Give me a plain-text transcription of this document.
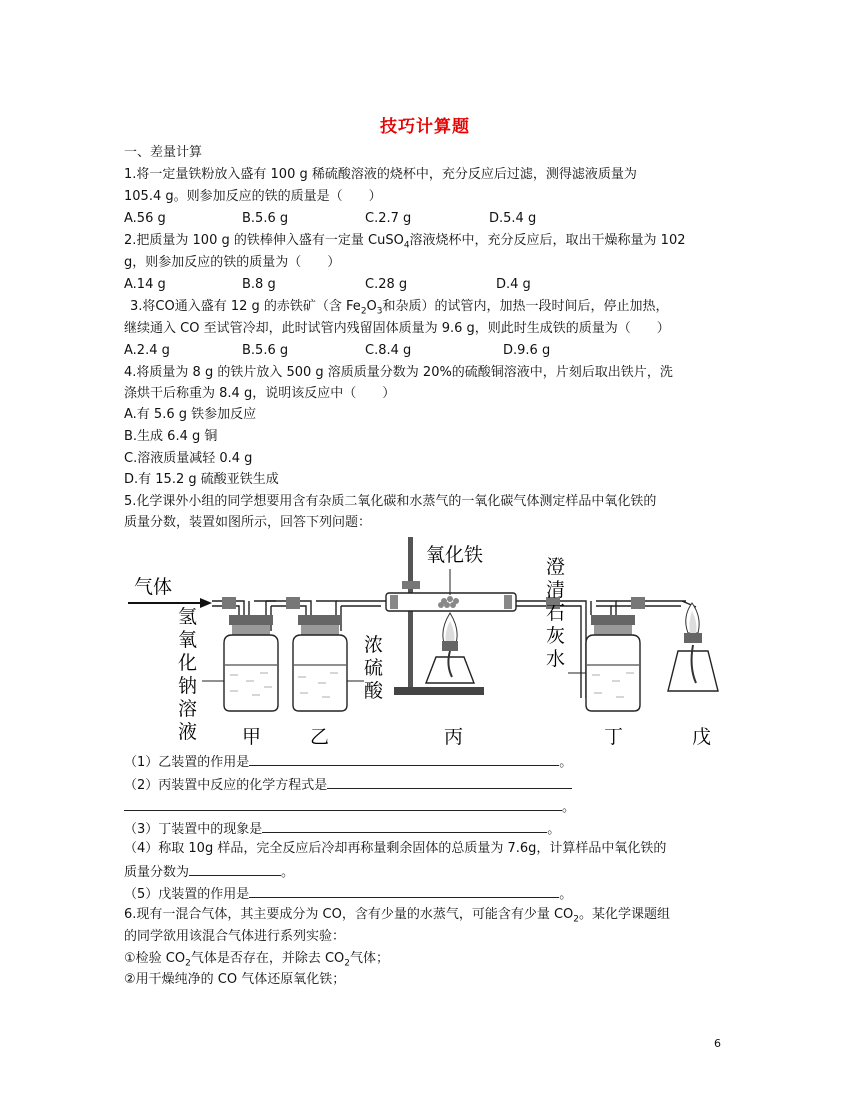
技巧计算题
一、差量计算
1.将一定量铁粉放入盛有 100 g 稀硫酸溶液的烧杯中，充分反应后过滤，测得滤液质量为
105.4 g。则参加反应的铁的质量是（　　）
A.56 g	B.5.6 g	C.2.7 g	D.5.4 g
2.把质量为 100 g 的铁棒伸入盛有一定量 CuSO$_4$溶液烧杯中，充分反应后，取出干燥称量为 102
g，则参加反应的铁的质量为（　　）
A.14 g	B.8 g	C.28 g	D.4 g
3.将CO通入盛有 12 g 的赤铁矿（含 $Fe_2O_3$和杂质）的试管内，加热一段时间后，停止加热，
继续通入 CO 至试管冷却，此时试管内残留固体质量为 9.6 g，则此时生成铁的质量为（　　）
A.2.4 g	B.5.6 g	C.8.4 g	D.9.6 g
4.将质量为 8 g 的铁片放入 500 g 溶质质量分数为 20%的硫酸铜溶液中，片刻后取出铁片，洗
涤烘干后称重为 8.4 g，说明该反应中（　　）
A.有 5.6 g 铁参加反应
B.生成 6.4 g 铜
C.溶液质量减轻 0.4 g
D.有 15.2 g 硫酸亚铁生成
5.化学课外小组的同学想要用含有杂质二氧化碳和水蒸气的一氧化碳气体测定样品中氧化铁的
质量分数，装置如图所示，回答下列问题：
气体
氢氧化钠溶液
浓硫酸
氧化铁
澄清石灰水
甲	乙	丙	丁	戊
（1）乙装置的作用是	。
（2）丙装置中反应的化学方程式是
。
（3）丁装置中的现象是	。
（4）称取 10g 样品，完全反应后冷却再称量剩余固体的总质量为 7.6g，计算样品中氧化铁的
质量分数为	。
（5）戊装置的作用是	。
6.现有一混合气体，其主要成分为 CO，含有少量的水蒸气，可能含有少量 $CO_2$。某化学课题组
的同学欲用该混合气体进行系列实验：
①检验 $CO_2$气体是否存在，并除去 $CO_2$气体；
②用干燥纯净的 CO 气体还原氧化铁；
6
